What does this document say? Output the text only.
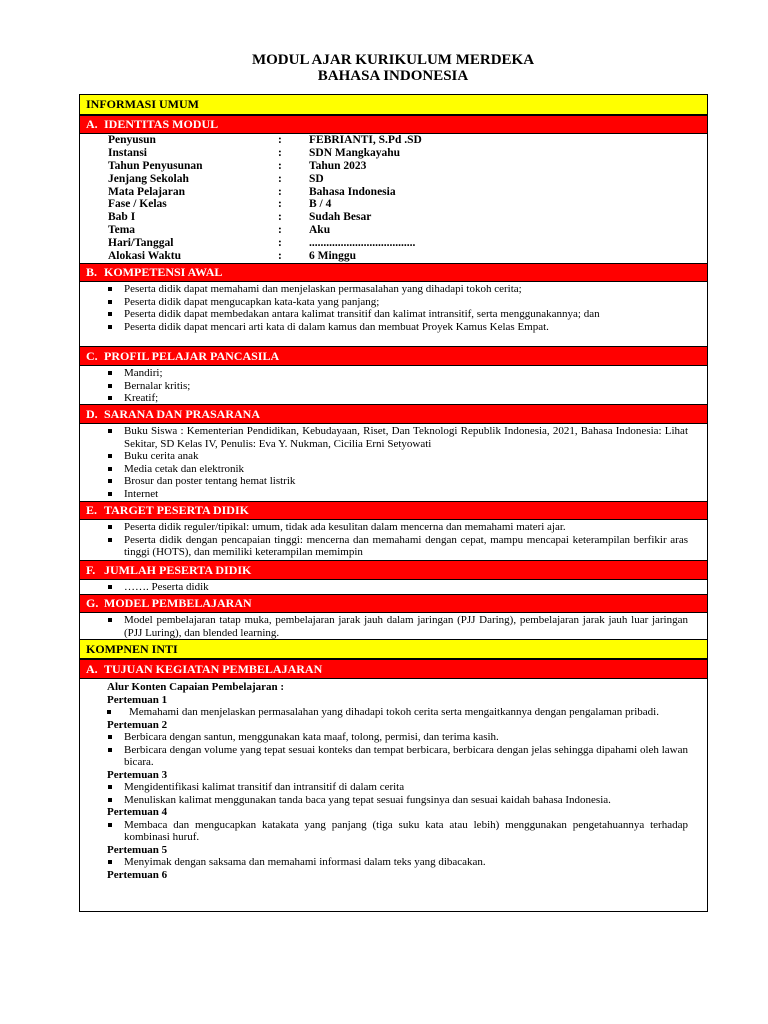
MODUL AJAR KURIKULUM MERDEKA
BAHASA INDONESIA
INFORMASI UMUM
A. IDENTITAS MODUL
Penyusun	:	FEBRIANTI, S.Pd .SD
Instansi	:	SDN Mangkayahu
Tahun Penyusunan	:	Tahun 2023
Jenjang Sekolah	:	SD
Mata Pelajaran	:	Bahasa Indonesia
Fase / Kelas	:	B / 4
Bab I	:	Sudah Besar
Tema	:	Aku
Hari/Tanggal	:	.....................................
Alokasi Waktu	:	6 Minggu
B. KOMPETENSI AWAL
Peserta didik dapat memahami dan menjelaskan permasalahan yang dihadapi tokoh cerita;
Peserta didik dapat mengucapkan kata-kata yang panjang;
Peserta didik dapat membedakan antara kalimat transitif dan kalimat intransitif, serta menggunakannya; dan
Peserta didik dapat mencari arti kata di dalam kamus dan membuat Proyek Kamus Kelas Empat.
C. PROFIL PELAJAR PANCASILA
Mandiri;
Bernalar kritis;
Kreatif;
D. SARANA DAN PRASARANA
Buku Siswa : Kementerian Pendidikan, Kebudayaan, Riset, Dan Teknologi Republik Indonesia, 2021, Bahasa Indonesia: Lihat Sekitar, SD Kelas IV, Penulis: Eva Y. Nukman, Cicilia Erni Setyowati
Buku cerita anak
Media cetak dan elektronik
Brosur dan poster tentang hemat listrik
Internet
E. TARGET PESERTA DIDIK
Peserta didik reguler/tipikal: umum, tidak ada kesulitan dalam mencerna dan memahami materi ajar.
Peserta didik dengan pencapaian tinggi: mencerna dan memahami dengan cepat, mampu mencapai keterampilan berfikir aras tinggi (HOTS), dan memiliki keterampilan memimpin
F. JUMLAH PESERTA DIDIK
……. Peserta didik
G. MODEL PEMBELAJARAN
Model pembelajaran tatap muka, pembelajaran jarak jauh dalam jaringan (PJJ Daring), pembelajaran jarak jauh luar jaringan (PJJ Luring), dan blended learning.
KOMPNEN INTI
A. TUJUAN KEGIATAN PEMBELAJARAN
Alur Konten Capaian Pembelajaran :
Pertemuan 1
Memahami dan menjelaskan permasalahan yang dihadapi tokoh cerita serta mengaitkannya dengan pengalaman pribadi.
Pertemuan 2
Berbicara dengan santun, menggunakan kata maaf, tolong, permisi, dan terima kasih.
Berbicara dengan volume yang tepat sesuai konteks dan tempat berbicara, berbicara dengan jelas sehingga dipahami oleh lawan bicara.
Pertemuan 3
Mengidentifikasi kalimat transitif dan intransitif di dalam cerita
Menuliskan kalimat menggunakan tanda baca yang tepat sesuai fungsinya dan sesuai kaidah bahasa Indonesia.
Pertemuan 4
Membaca dan mengucapkan katakata yang panjang (tiga suku kata atau lebih) menggunakan pengetahuannya terhadap kombinasi huruf.
Pertemuan 5
Menyimak dengan saksama dan memahami informasi dalam teks yang dibacakan.
Pertemuan 6
